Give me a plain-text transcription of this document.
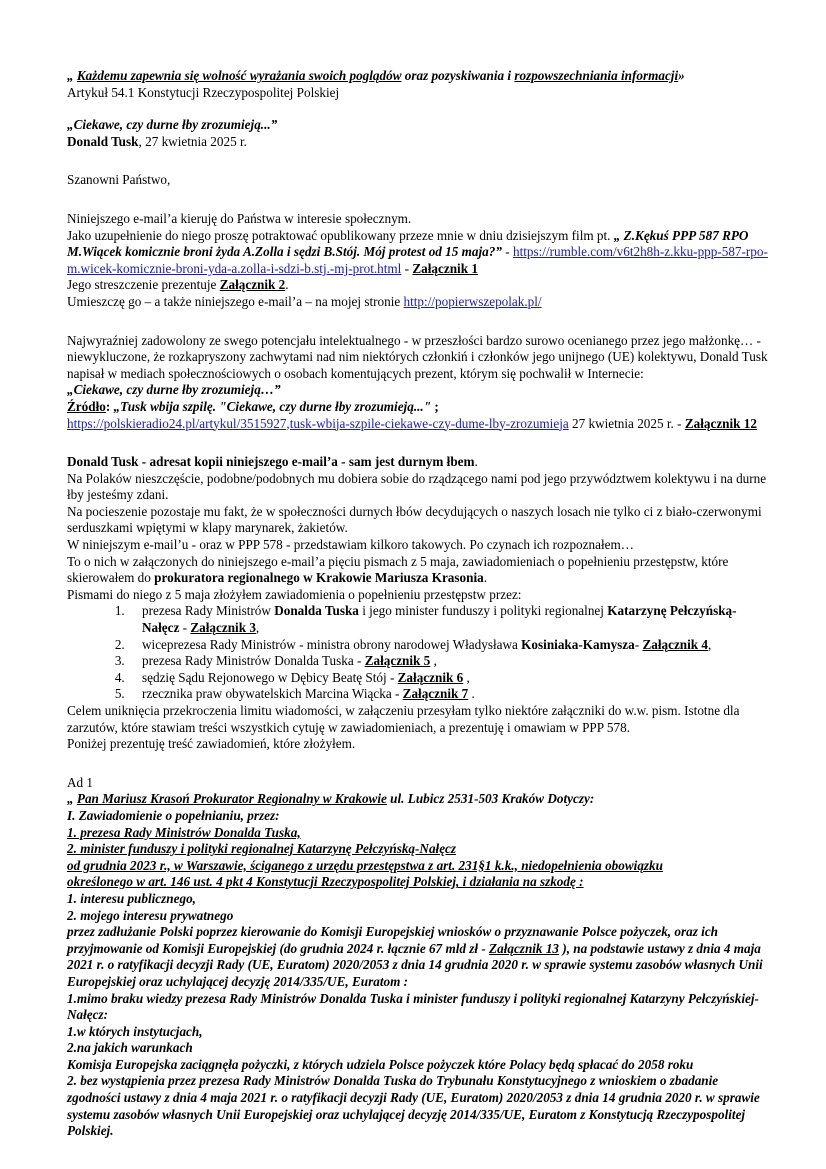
„ Każdemu zapewnia się wolność wyrażania swoich poglądów oraz pozyskiwania i rozpowszechniania informacji»

Artykuł 54.1 Konstytucji Rzeczypospolitej Polskiej

„Ciekawe, czy durne łby zrozumieją...”

Donald Tusk, 27 kwietnia 2025 r.

Szanowni Państwo,

Niniejszego e-mail’a kieruję do Państwa w interesie społecznym.

Jako uzupełnienie do niego proszę potraktować opublikowany przeze mnie w dniu dzisiejszym film pt. „ Z.Kękuś PPP 587 RPO M.Wiącek komicznie broni żyda A.Zolla i sędzi B.Stój. Mój protest od 15 maja?” - https://rumble.com/v6t2h8h-z.kku-ppp-587-rpo-m.wicek-komicznie-broni-yda-a.zolla-i-sdzi-b.stj.-mj-prot.html - Załącznik 1

Jego streszczenie prezentuje Załącznik 2.

Umieszczę go – a także niniejszego e-mail’a – na mojej stronie http://popierwszepolak.pl/

Najwyraźniej zadowolony ze swego potencjału intelektualnego - w przeszłości bardzo surowo ocenianego przez jego małżonkę… - niewykluczone, że rozkapryszony zachwytami nad nim niektórych członkiń i członków jego unijnego (UE) kolektywu, Donald Tusk napisał w mediach społecznościowych o osobach komentujących prezent, którym się pochwalił w Internecie:

„Ciekawe, czy durne łby zrozumieją…”

Źródło: „Tusk wbija szpilę. "Ciekawe, czy durne łby zrozumieją..." ;

https://polskieradio24.pl/artykul/3515927,tusk-wbija-szpile-ciekawe-czy-dume-lby-zrozumieja 27 kwietnia 2025 r. - Załącznik 12

Donald Tusk - adresat kopii niniejszego e-mail’a - sam jest durnym łbem.

Na Polaków nieszczęście, podobne/podobnych mu dobiera sobie do rządzącego nami pod jego przywództwem kolektywu i na durne łby jesteśmy zdani.

Na pocieszenie pozostaje mu fakt, że w społeczności durnych łbów decydujących o naszych losach nie tylko ci z biało-czerwonymi serduszkami wpiętymi w klapy marynarek, żakietów.

W niniejszym e-mail’u - oraz w PPP 578 - przedstawiam kilkoro takowych. Po czynach ich rozpoznałem…

To o nich w załączonych do niniejszego e-mail’a pięciu pismach z 5 maja, zawiadomieniach o popełnieniu przestępstw, które skierowałem do prokuratora regionalnego w Krakowie Mariusza Krasonia.

Pismami do niego z 5 maja złożyłem zawiadomienia o popełnieniu przestępstw przez:

1. prezesa Rady Ministrów Donalda Tuska i jego minister funduszy i polityki regionalnej Katarzynę Pełczyńską-Nałęcz - Załącznik 3,
2. wiceprezesa Rady Ministrów - ministra obrony narodowej Władysława Kosiniaka-Kamysza- Załącznik 4,
3. prezesa Rady Ministrów Donalda Tuska - Załącznik 5 ,
4. sędzię Sądu Rejonowego w Dębicy Beatę Stój - Załącznik 6 ,
5. rzecznika praw obywatelskich Marcina Wiącka - Załącznik 7 .

Celem uniknięcia przekroczenia limitu wiadomości, w załączeniu przesyłam tylko niektóre załączniki do w.w. pism. Istotne dla zarzutów, które stawiam treści wszystkich cytuję w zawiadomieniach, a prezentuję i omawiam w PPP 578.

Poniżej prezentuję treść zawiadomień, które złożyłem.

Ad 1

„ Pan Mariusz Krasoń Prokurator Regionalny w Krakowie ul. Lubicz 2531-503 Kraków Dotyczy:

I. Zawiadomienie o popełnianiu, przez:

1. prezesa Rady Ministrów Donalda Tuska,

2. minister funduszy i polityki regionalnej Katarzynę Pełczyńską-Nałęcz

od grudnia 2023 r., w Warszawie, ściganego z urzędu przestępstwa z art. 231§1 k.k., niedopełnienia obowiązku

określonego w art. 146 ust. 4 pkt 4 Konstytucji Rzeczypospolitej Polskiej, i działania na szkodę :

1. interesu publicznego,

2. mojego interesu prywatnego

przez zadłużanie Polski poprzez kierowanie do Komisji Europejskiej wniosków o przyznawanie Polsce pożyczek, oraz ich przyjmowanie od Komisji Europejskiej (do grudnia 2024 r. łącznie 67 mld zł - Załącznik 13 ), na podstawie ustawy z dnia 4 maja 2021 r. o ratyfikacji decyzji Rady (UE, Euratom) 2020/2053 z dnia 14 grudnia 2020 r. w sprawie systemu zasobów własnych Unii Europejskiej oraz uchylającej decyzję 2014/335/UE, Euratom :

1.mimo braku wiedzy prezesa Rady Ministrów Donalda Tuska i minister funduszy i polityki regionalnej Katarzyny Pełczyńskiej-Nałęcz:

1.w których instytucjach,

2.na jakich warunkach

Komisja Europejska zaciągnęła pożyczki, z których udziela Polsce pożyczek które Polacy będą spłacać do 2058 roku

2. bez wystąpienia przez prezesa Rady Ministrów Donalda Tuska do Trybunału Konstytucyjnego z wnioskiem o zbadanie zgodności ustawy z dnia 4 maja 2021 r. o ratyfikacji decyzji Rady (UE, Euratom) 2020/2053 z dnia 14 grudnia 2020 r. w sprawie systemu zasobów własnych Unii Europejskiej oraz uchylającej decyzję 2014/335/UE, Euratom z Konstytucją Rzeczypospolitej Polskiej.
